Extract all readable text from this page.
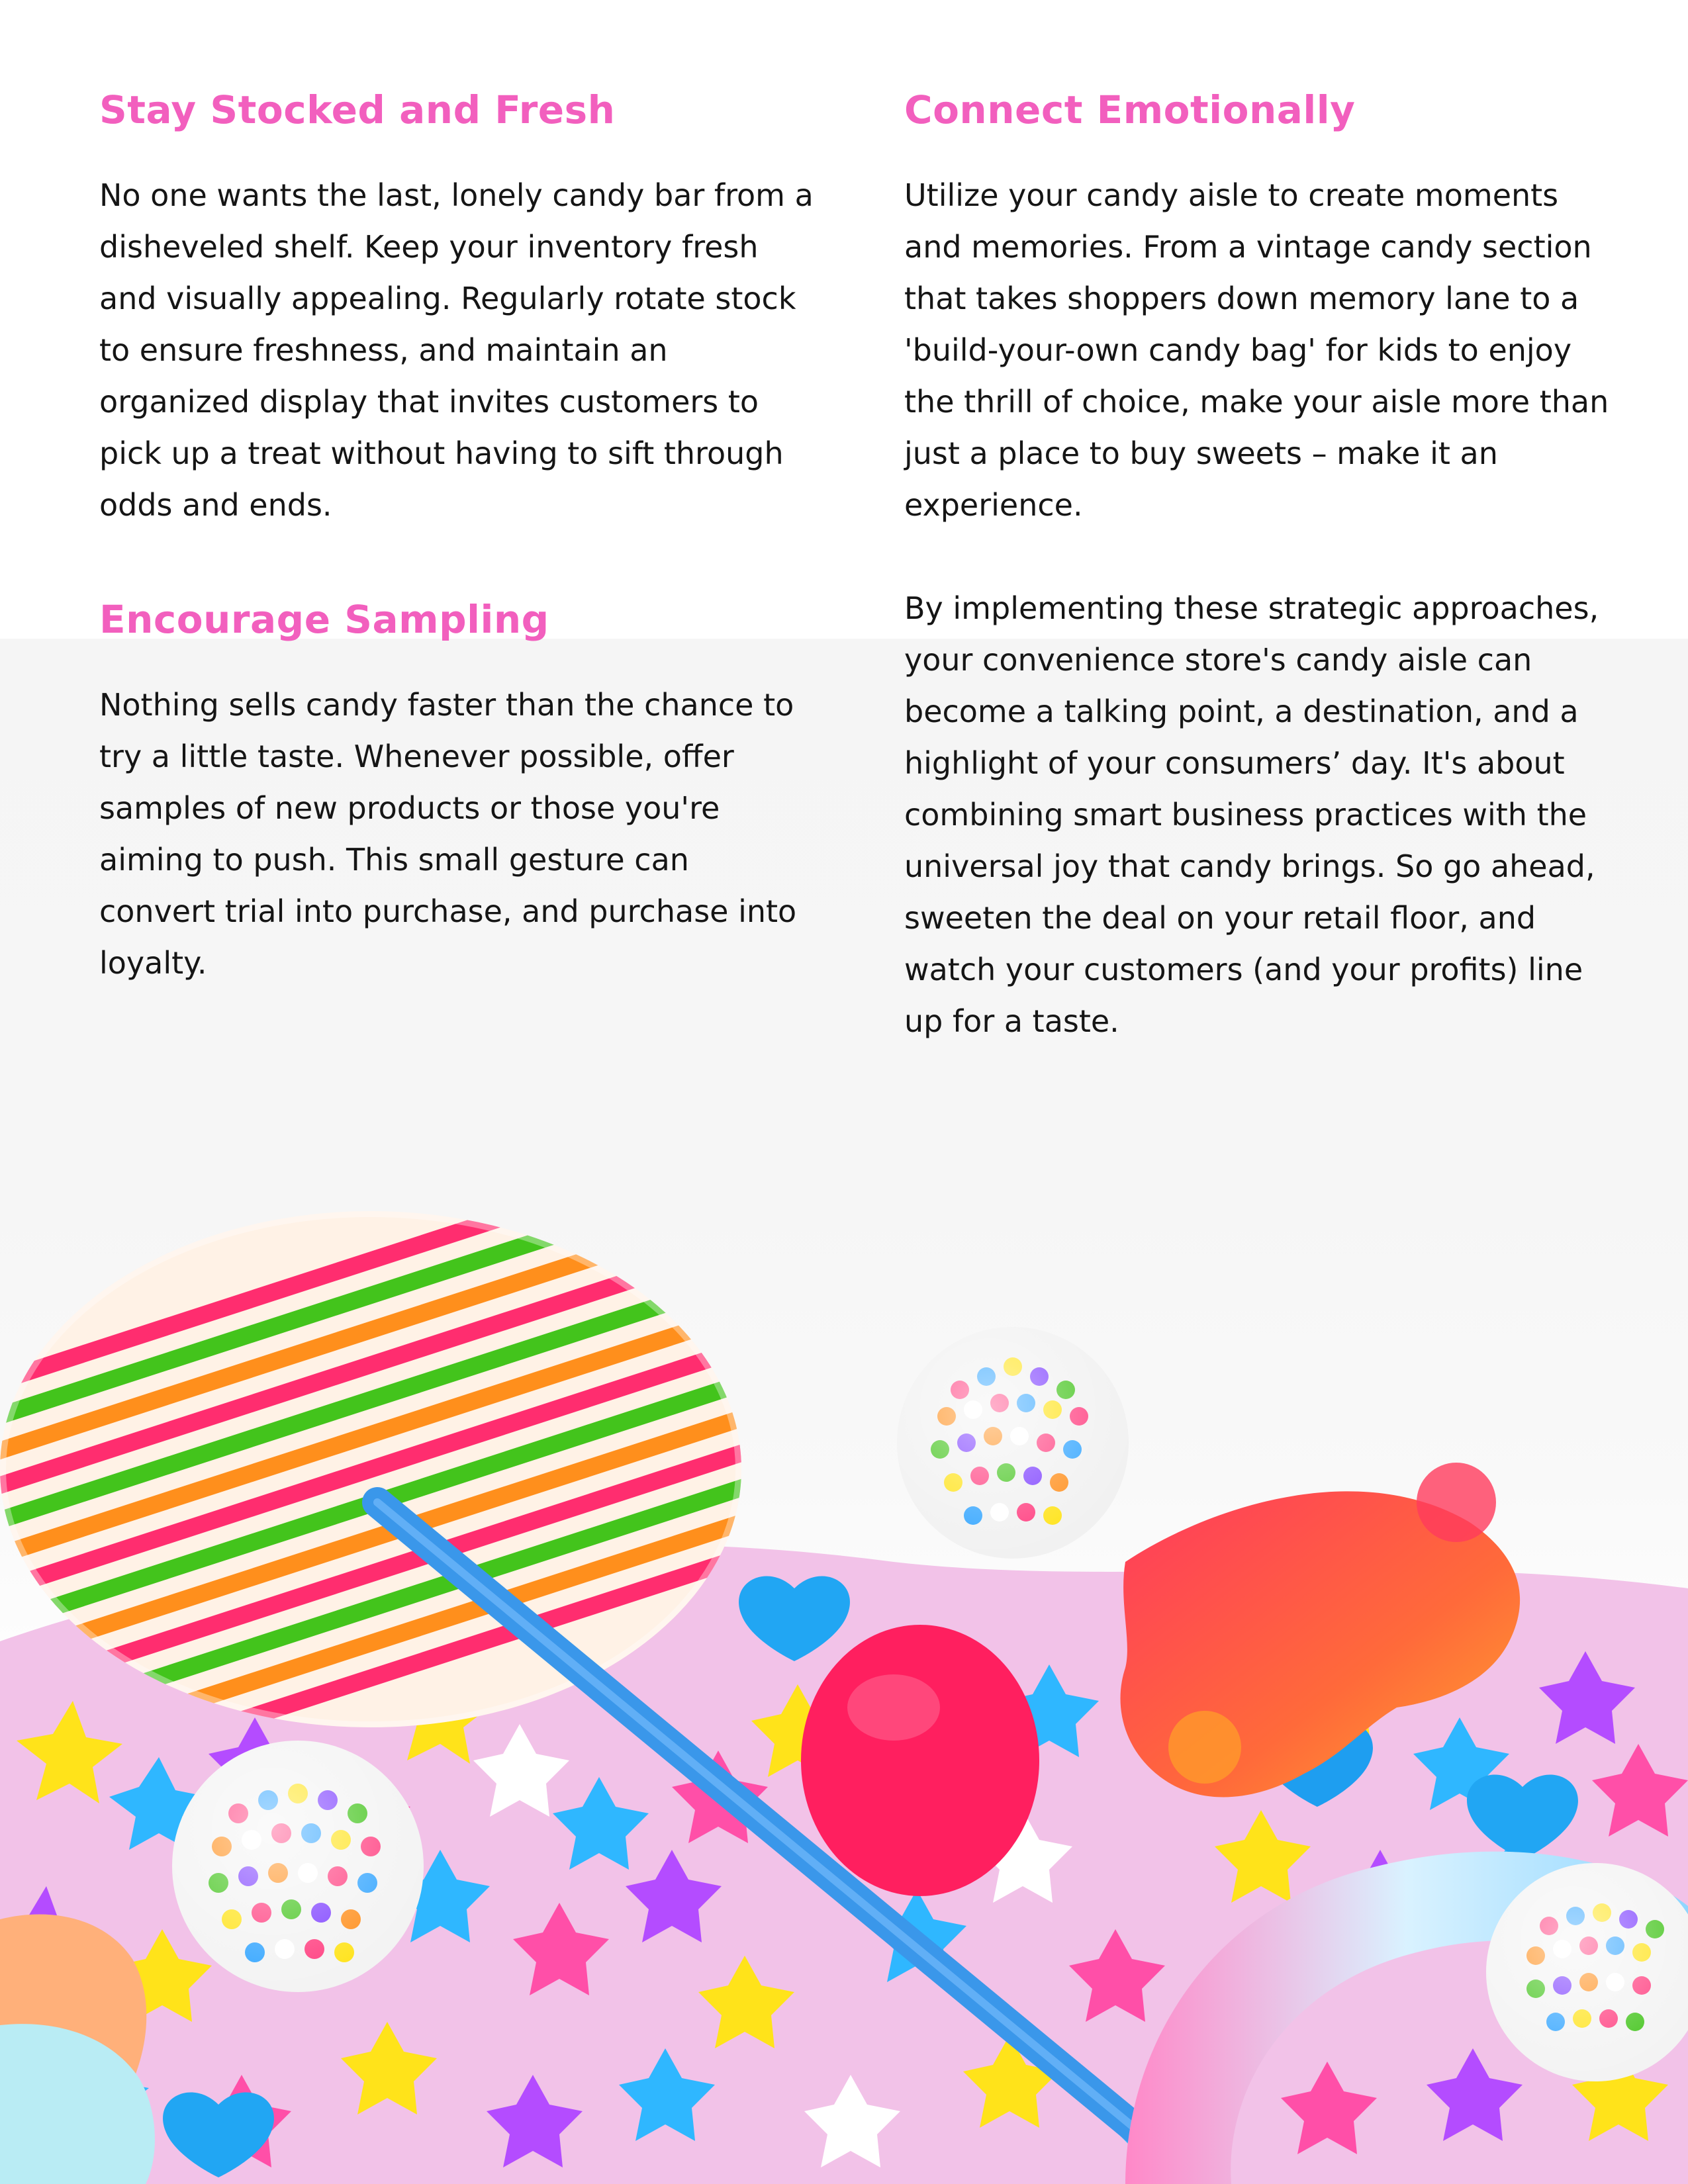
Stay Stocked and Fresh

No one wants the last, lonely candy bar from a disheveled shelf. Keep your inventory fresh and visually appealing. Regularly rotate stock to ensure freshness, and maintain an organized display that invites customers to pick up a treat without having to sift through odds and ends.

Encourage Sampling

Nothing sells candy faster than the chance to try a little taste. Whenever possible, offer samples of new products or those you're aiming to push. This small gesture can convert trial into purchase, and purchase into loyalty.

Connect Emotionally

Utilize your candy aisle to create moments and memories. From a vintage candy section that takes shoppers down memory lane to a 'build-your-own candy bag' for kids to enjoy the thrill of choice, make your aisle more than just a place to buy sweets – make it an experience.

By implementing these strategic approaches, your convenience store's candy aisle can become a talking point, a destination, and a highlight of your consumers’ day. It's about combining smart business practices with the universal joy that candy brings. So go ahead, sweeten the deal on your retail floor, and watch your customers (and your profits) line up for a taste.
